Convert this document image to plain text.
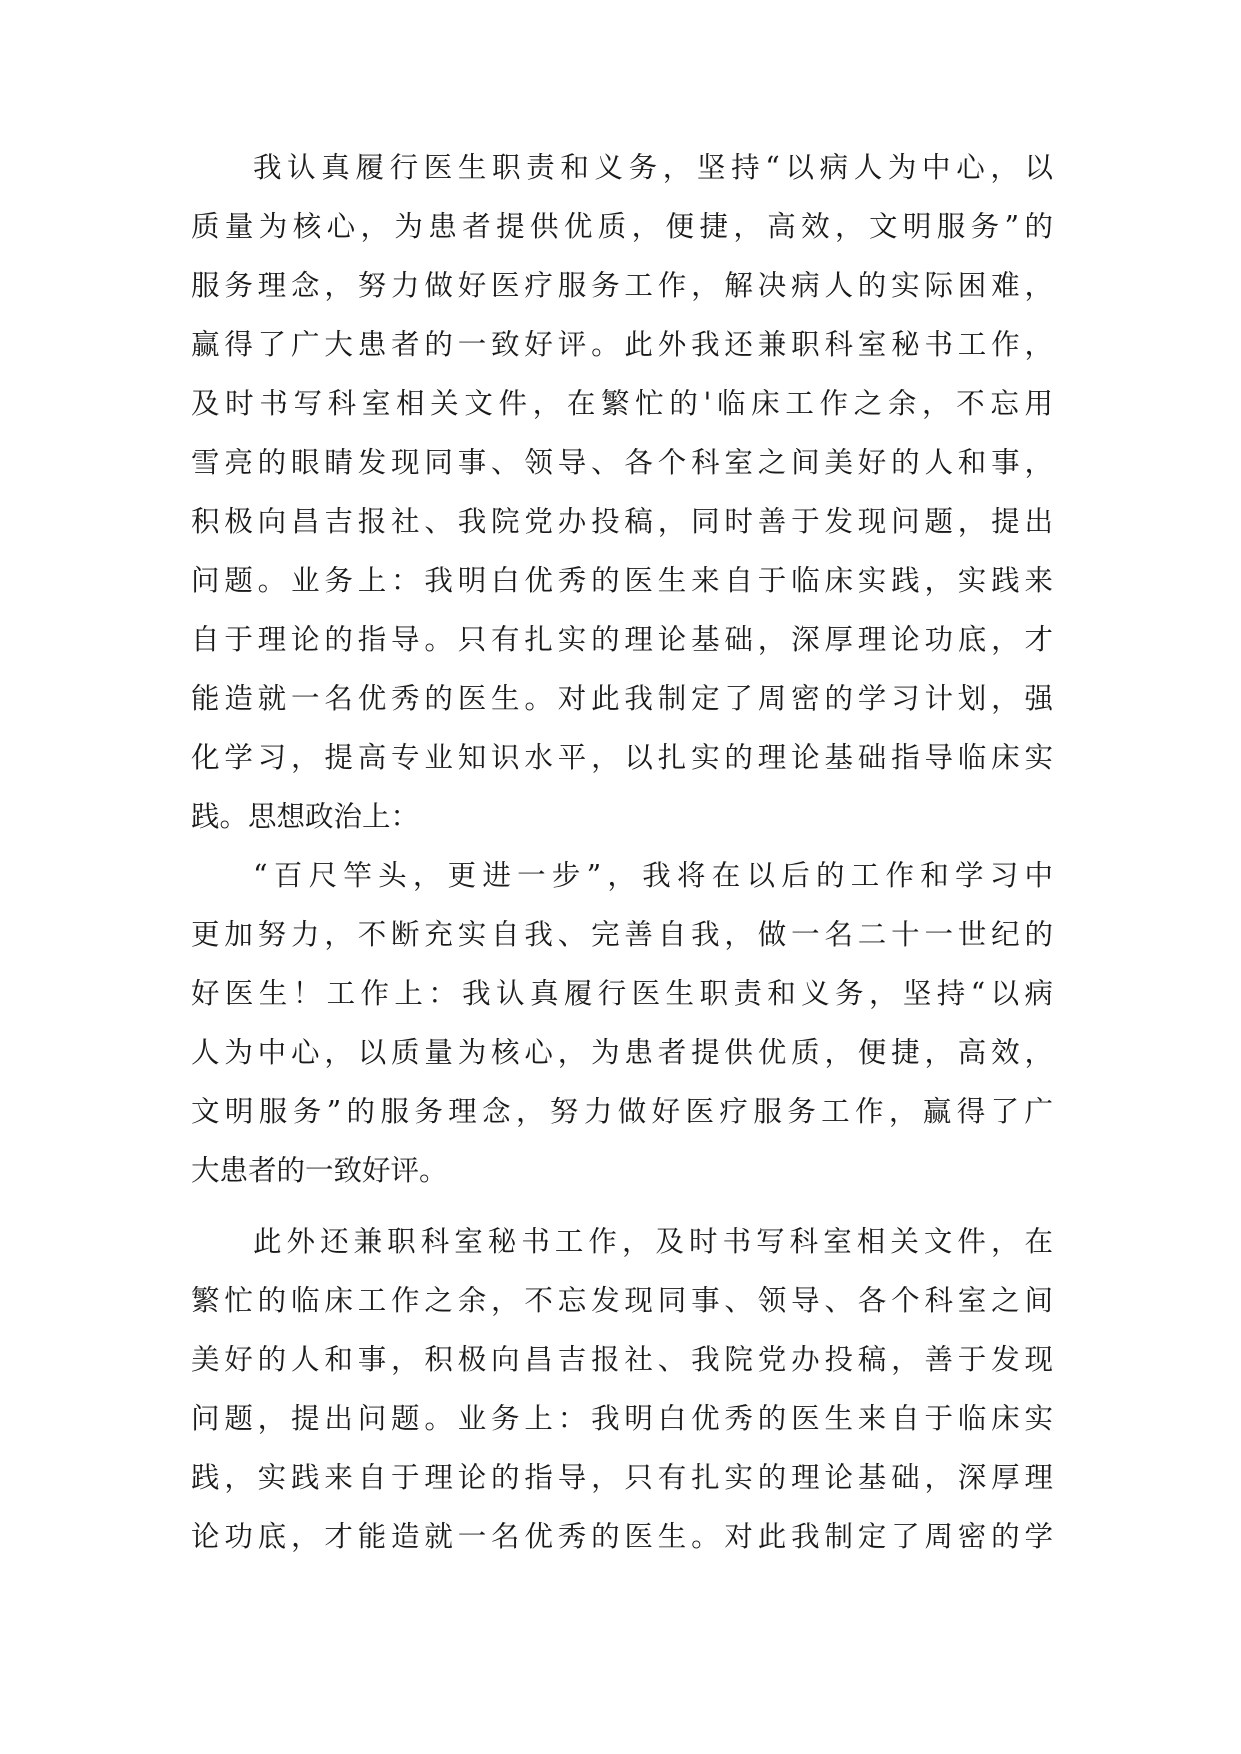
我认真履行医生职责和义务，坚持“以病人为中心，以
质量为核心，为患者提供优质，便捷，高效，文明服务”的
服务理念，努力做好医疗服务工作，解决病人的实际困难，
赢得了广大患者的一致好评。此外我还兼职科室秘书工作，
及时书写科室相关文件，在繁忙的'临床工作之余，不忘用
雪亮的眼睛发现同事、领导、各个科室之间美好的人和事，
积极向昌吉报社、我院党办投稿，同时善于发现问题，提出
问题。业务上：我明白优秀的医生来自于临床实践，实践来
自于理论的指导。只有扎实的理论基础，深厚理论功底，才
能造就一名优秀的医生。对此我制定了周密的学习计划，强
化学习，提高专业知识水平，以扎实的理论基础指导临床实
践。思想政治上：
“百尺竿头，更进一步”，我将在以后的工作和学习中
更加努力，不断充实自我、完善自我，做一名二十一世纪的
好医生！工作上：我认真履行医生职责和义务，坚持“以病
人为中心，以质量为核心，为患者提供优质，便捷，高效，
文明服务”的服务理念，努力做好医疗服务工作，赢得了广
大患者的一致好评。
此外还兼职科室秘书工作，及时书写科室相关文件，在
繁忙的临床工作之余，不忘发现同事、领导、各个科室之间
美好的人和事，积极向昌吉报社、我院党办投稿，善于发现
问题，提出问题。业务上：我明白优秀的医生来自于临床实
践，实践来自于理论的指导，只有扎实的理论基础，深厚理
论功底，才能造就一名优秀的医生。对此我制定了周密的学
